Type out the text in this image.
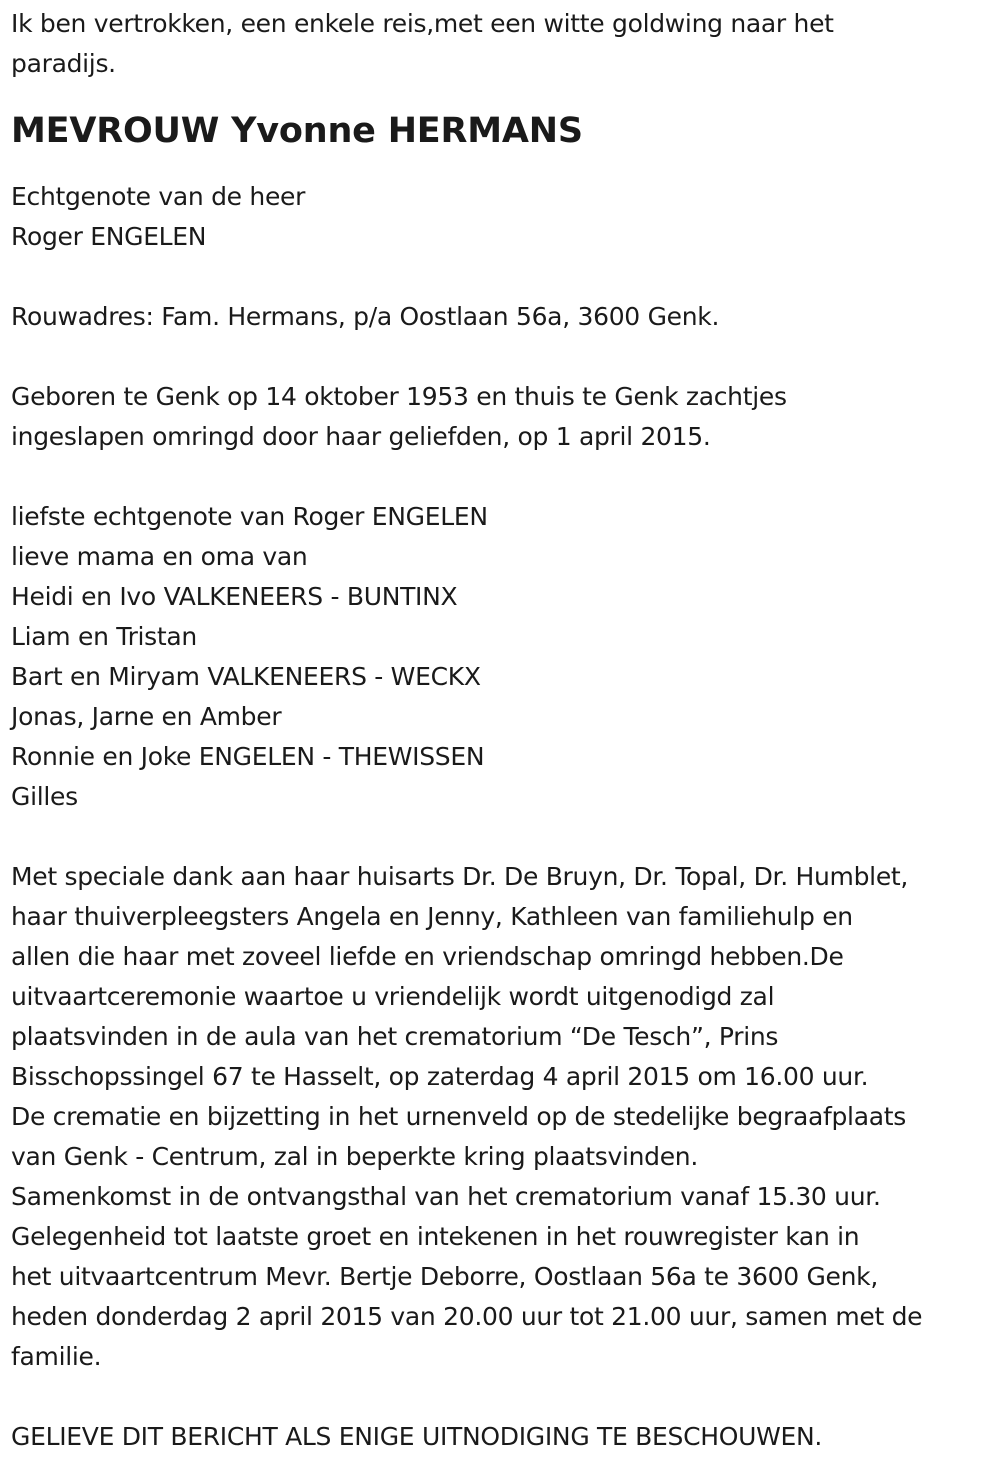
Ik ben vertrokken, een enkele reis,met een witte goldwing naar het

paradijs.

MEVROUW Yvonne HERMANS

Echtgenote van de heer

Roger ENGELEN

Rouwadres: Fam. Hermans, p/a Oostlaan 56a, 3600 Genk.

Geboren te Genk op 14 oktober 1953 en thuis te Genk zachtjes

ingeslapen omringd door haar geliefden, op 1 april 2015.

liefste echtgenote van Roger ENGELEN

lieve mama en oma van

Heidi en Ivo VALKENEERS - BUNTINX

Liam en Tristan

Bart en Miryam VALKENEERS - WECKX

Jonas, Jarne en Amber

Ronnie en Joke ENGELEN - THEWISSEN

Gilles

Met speciale dank aan haar huisarts Dr. De Bruyn, Dr. Topal, Dr. Humblet,

haar thuiverpleegsters Angela en Jenny, Kathleen van familiehulp en

allen die haar met zoveel liefde en vriendschap omringd hebben.De

uitvaartceremonie waartoe u vriendelijk wordt uitgenodigd zal

plaatsvinden in de aula van het crematorium “De Tesch”, Prins

Bisschopssingel 67 te Hasselt, op zaterdag 4 april 2015 om 16.00 uur.

De crematie en bijzetting in het urnenveld op de stedelijke begraafplaats

van Genk - Centrum, zal in beperkte kring plaatsvinden.

Samenkomst in de ontvangsthal van het crematorium vanaf 15.30 uur.

Gelegenheid tot laatste groet en intekenen in het rouwregister kan in

het uitvaartcentrum Mevr. Bertje Deborre, Oostlaan 56a te 3600 Genk,

heden donderdag 2 april 2015 van 20.00 uur tot 21.00 uur, samen met de

familie.

GELIEVE DIT BERICHT ALS ENIGE UITNODIGING TE BESCHOUWEN.
